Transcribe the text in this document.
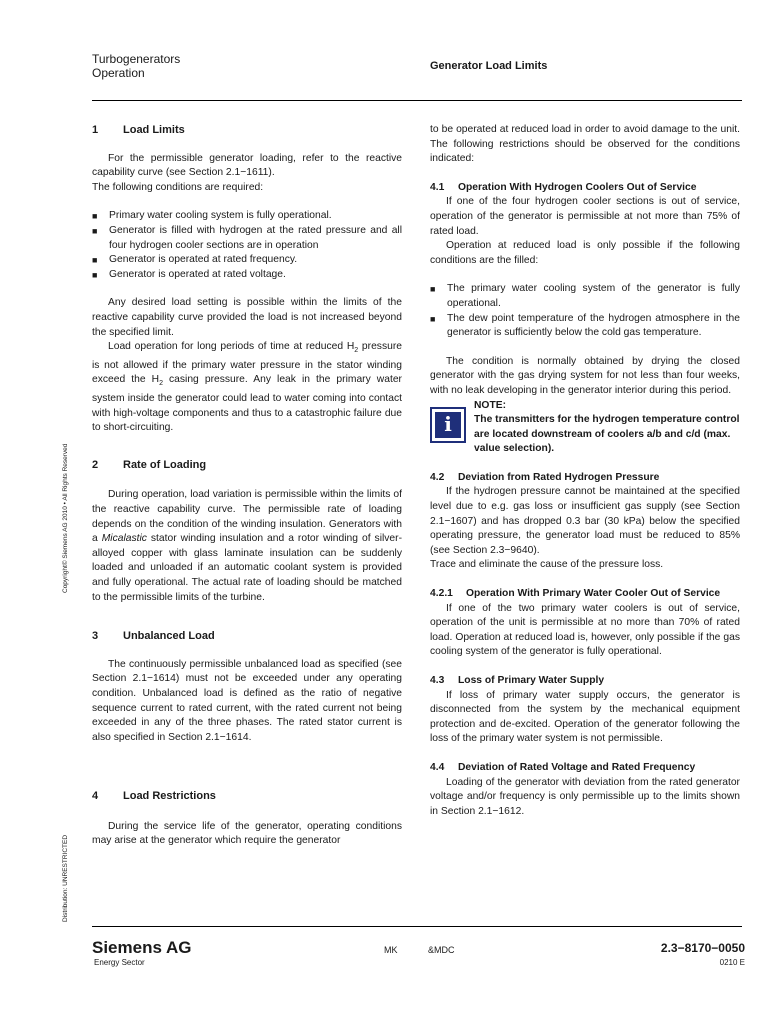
Turbogenerators
Operation	Generator Load Limits
Copyright© Siemens AG 2010 • All Rights Reserved
Distribution: UNRESTRICTED
1	Load Limits

For the permissible generator loading, refer to the reactive capability curve (see Section 2.1−1611).

The following conditions are required:

■ Primary water cooling system is fully operational.
■ Generator is filled with hydrogen at the rated pressure and all four hydrogen cooler sections are in operation
■ Generator is operated at rated frequency.
■ Generator is operated at rated voltage.

Any desired load setting is possible within the limits of the reactive capability curve provided the load is not increased beyond the specified limit.

Load operation for long periods of time at reduced $H_2$ pressure is not allowed if the primary water pressure in the stator winding exceed the $H_2$ casing pressure. Any leak in the primary water system inside the generator could lead to water coming into contact with high-voltage components and thus to a catastrophic failure due to short-circuiting.

2	Rate of Loading

During operation, load variation is permissible within the limits of the reactive capability curve. The permissible rate of loading depends on the condition of the winding insulation. Generators with a Micalastic stator winding insulation and a rotor winding of silver-alloyed copper with glass laminate insulation can be suddenly loaded and unloaded if an automatic coolant system is provided and fully operational. The actual rate of loading should be matched to the permissible limits of the turbine.

3	Unbalanced Load

The continuously permissible unbalanced load as specified (see Section 2.1−1614) must not be exceeded under any operating condition. Unbalanced load is defined as the ratio of negative sequence current to rated current, with the rated current not being exceeded in any of the three phases. The rated stator current is also specified in Section 2.1−1614.

4	Load Restrictions

During the service life of the generator, operating conditions may arise at the generator which require the generator

to be operated at reduced load in order to avoid damage to the unit. The following restrictions should be observed for the conditions indicated:

4.1	Operation With Hydrogen Coolers Out of Service

If one of the four hydrogen cooler sections is out of service, operation of the generator is permissible at not more than 75% of rated load.

Operation at reduced load is only possible if the following conditions are the filled:

■ The primary water cooling system of the generator is fully operational.
■ The dew point temperature of the hydrogen atmosphere in the generator is sufficiently below the cold gas temperature.

The condition is normally obtained by drying the closed generator with the gas drying system for not less than four weeks, with no leak developing in the generator interior during this period.

i
NOTE:
The transmitters for the hydrogen temperature control are located downstream of coolers a/b and c/d (max. value selection).
4.2	Deviation from Rated Hydrogen Pressure

If the hydrogen pressure cannot be maintained at the specified level due to e.g. gas loss or insufficient gas supply (see Section 2.1−1607) and has dropped 0.3 bar (30 kPa) below the specified operating pressure, the generator load must be reduced to 85% (see Section 2.3−9640).

Trace and eliminate the cause of the pressure loss.

4.2.1	Operation With Primary Water Cooler Out of Service

If one of the two primary water coolers is out of service, operation of the unit is permissible at no more than 70% of rated load. Operation at reduced load is, however, only possible if the gas cooling system of the generator is fully operational.

4.3	Loss of Primary Water Supply

If loss of primary water supply occurs, the generator is disconnected from the system by the mechanical equipment protection and de-excited. Operation of the generator following the loss of the primary water system is not permissible.

4.4	Deviation of Rated Voltage and Rated Frequency

Loading of the generator with deviation from the rated generator voltage and/or frequency is only permissible up to the limits shown in Section 2.1−1612.

Siemens AG
Energy Sector
MK	&MDC	2.3−8170−0050
0210 E
